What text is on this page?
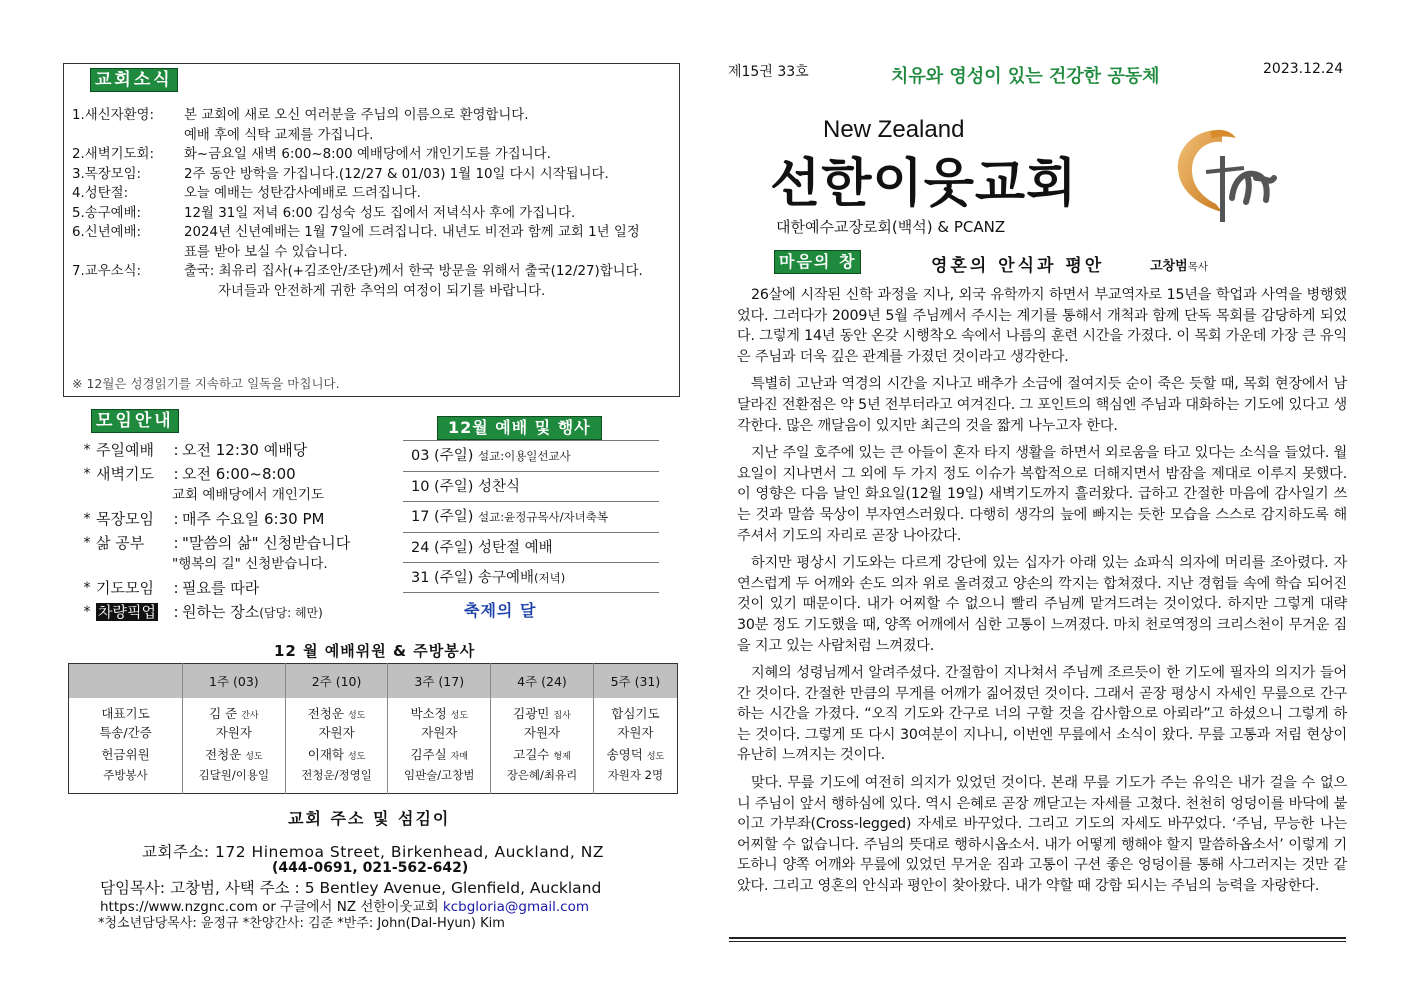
교회소식
1.새신자환영:	본 교회에 새로 오신 여러분을 주님의 이름으로 환영합니다.
예배 후에 식탁 교제를 가집니다.
2.새벽기도회:	화~금요일 새벽 6:00~8:00 예배당에서 개인기도를 가집니다.
3.목장모임:	2주 동안 방학을 가집니다.(12/27 & 01/03) 1월 10일 다시 시작됩니다.
4.성탄절:	오늘 예배는 성탄감사예배로 드려집니다.
5.송구예배:	12월 31일 저녁 6:00 김성숙 성도 집에서 저녁식사 후에 가집니다.
6.신년예배:	2024년 신년예배는 1월 7일에 드려집니다. 내년도 비전과 함께 교회 1년 일정
표를 받아 보실 수 있습니다.
7.교우소식:	출국: 최유리 집사(+김조안/조단)께서 한국 방문을 위해서 출국(12/27)합니다.
자녀들과 안전하게 귀한 추억의 여정이 되기를 바랍니다.
※ 12월은 성경읽기를 지속하고 일독을 마칩니다.
모임안내
* 주일예배	: 오전 12:30 예배당
* 새벽기도	: 오전 6:00~8:00
교회 예배당에서 개인기도
* 목장모임	: 매주 수요일 6:30 PM
* 삶 공부	: "말씀의 삶" 신청받습니다
"행복의 길" 신청받습니다.
* 기도모임	: 필요를 따라
* 차량픽업	: 원하는 장소(담당: 헤만)
12월 예배 및 행사
03 (주일) 설교:이용일선교사
10 (주일) 성찬식
17 (주일) 설교:윤정규목사/자녀축복
24 (주일) 성탄절 예배
31 (주일) 송구예배(저녁)
축제의 달
12 월 예배위원 & 주방봉사
	1주 (03)	2주 (10)	3주 (17)	4주 (24)	5주 (31)
대표기도	김 준 간사	전청운 성도	박소정 성도	김광민 집사	합심기도
특송/간증	자원자	자원자	자원자	자원자	자원자
헌금위원	전청운 성도	이재학 성도	김주실 자매	고길수 형제	송영덕 성도
주방봉사	김달원/이용일	전청운/정영일	임판술/고창범	장은혜/최유리	자원자 2명
교회 주소 및 섬김이
교회주소: 172 Hinemoa Street, Birkenhead, Auckland, NZ
(444-0691, 021-562-642)
담임목사: 고창범, 사택 주소 : 5 Bentley Avenue, Glenfield, Auckland
https://www.nzgnc.com or 구글에서 NZ 선한이웃교회 kcbgloria@gmail.com
*청소년담당목사: 윤정규 *찬양간사: 김준 *반주: John(Dal-Hyun) Kim
제15권 33호	치유와 영성이 있는 건강한 공동체	2023.12.24
New Zealand
선한이웃교회
대한예수교장로회(백석) & PCANZ
마음의 창	영혼의 안식과 평안	고창범목사

26살에 시작된 신학 과정을 지나, 외국 유학까지 하면서 부교역자로 15년을 학업과 사역을 병행했었다. 그러다가 2009년 5월 주님께서 주시는 계기를 통해서 개척과 함께 단독 목회를 감당하게 되었다. 그렇게 14년 동안 온갖 시행착오 속에서 나름의 훈련 시간을 가졌다. 이 목회 가운데 가장 큰 유익은 주님과 더욱 깊은 관계를 가졌던 것이라고 생각한다.

특별히 고난과 역경의 시간을 지나고 배추가 소금에 절여지듯 순이 죽은 듯할 때, 목회 현장에서 남달라진 전환점은 약 5년 전부터라고 여겨진다. 그 포인트의 핵심엔 주님과 대화하는 기도에 있다고 생각한다. 많은 깨달음이 있지만 최근의 것을 짧게 나누고자 한다.

지난 주일 호주에 있는 큰 아들이 혼자 타지 생활을 하면서 외로움을 타고 있다는 소식을 들었다. 월요일이 지나면서 그 외에 두 가지 정도 이슈가 복합적으로 더해지면서 밤잠을 제대로 이루지 못했다. 이 영향은 다음 날인 화요일(12월 19일) 새벽기도까지 흘러왔다. 급하고 간절한 마음에 감사일기 쓰는 것과 말씀 묵상이 부자연스러웠다. 다행히 생각의 늪에 빠지는 듯한 모습을 스스로 감지하도록 해 주셔서 기도의 자리로 곧장 나아갔다.

하지만 평상시 기도와는 다르게 강단에 있는 십자가 아래 있는 쇼파식 의자에 머리를 조아렸다. 자연스럽게 두 어깨와 손도 의자 위로 올려졌고 양손의 깍지는 합쳐졌다. 지난 경험들 속에 학습 되어진 것이 있기 때문이다. 내가 어찌할 수 없으니 빨리 주님께 맡겨드려는 것이었다. 하지만 그렇게 대략 30분 정도 기도했을 때, 양쪽 어깨에서 심한 고통이 느껴졌다. 마치 천로역정의 크리스천이 무거운 짐을 지고 있는 사람처럼 느껴졌다.

지혜의 성령님께서 알려주셨다. 간절함이 지나쳐서 주님께 조르듯이 한 기도에 필자의 의지가 들어간 것이다. 간절한 만큼의 무게를 어깨가 짊어졌던 것이다. 그래서 곧장 평상시 자세인 무릎으로 간구하는 시간을 가졌다. “오직 기도와 간구로 너의 구할 것을 감사함으로 아뢰라”고 하셨으니 그렇게 하는 것이다. 그렇게 또 다시 30여분이 지나니, 이번엔 무릎에서 소식이 왔다. 무릎 고통과 저림 현상이 유난히 느껴지는 것이다.

맞다. 무릎 기도에 여전히 의지가 있었던 것이다. 본래 무릎 기도가 주는 유익은 내가 걸을 수 없으니 주님이 앞서 행하심에 있다. 역시 은혜로 곧장 깨닫고는 자세를 고쳤다. 천천히 엉덩이를 바닥에 붙이고 가부좌(Cross-legged) 자세로 바꾸었다. 그리고 기도의 자세도 바꾸었다. ‘주님, 무능한 나는 어찌할 수 없습니다. 주님의 뜻대로 행하시옵소서. 내가 어떻게 행해야 할지 말씀하옵소서’ 이렇게 기도하니 양쪽 어깨와 무릎에 있었던 무거운 짐과 고통이 구션 좋은 엉덩이를 통해 사그러지는 것만 같았다. 그리고 영혼의 안식과 평안이 찾아왔다. 내가 약할 때 강함 되시는 주님의 능력을 자랑한다.
